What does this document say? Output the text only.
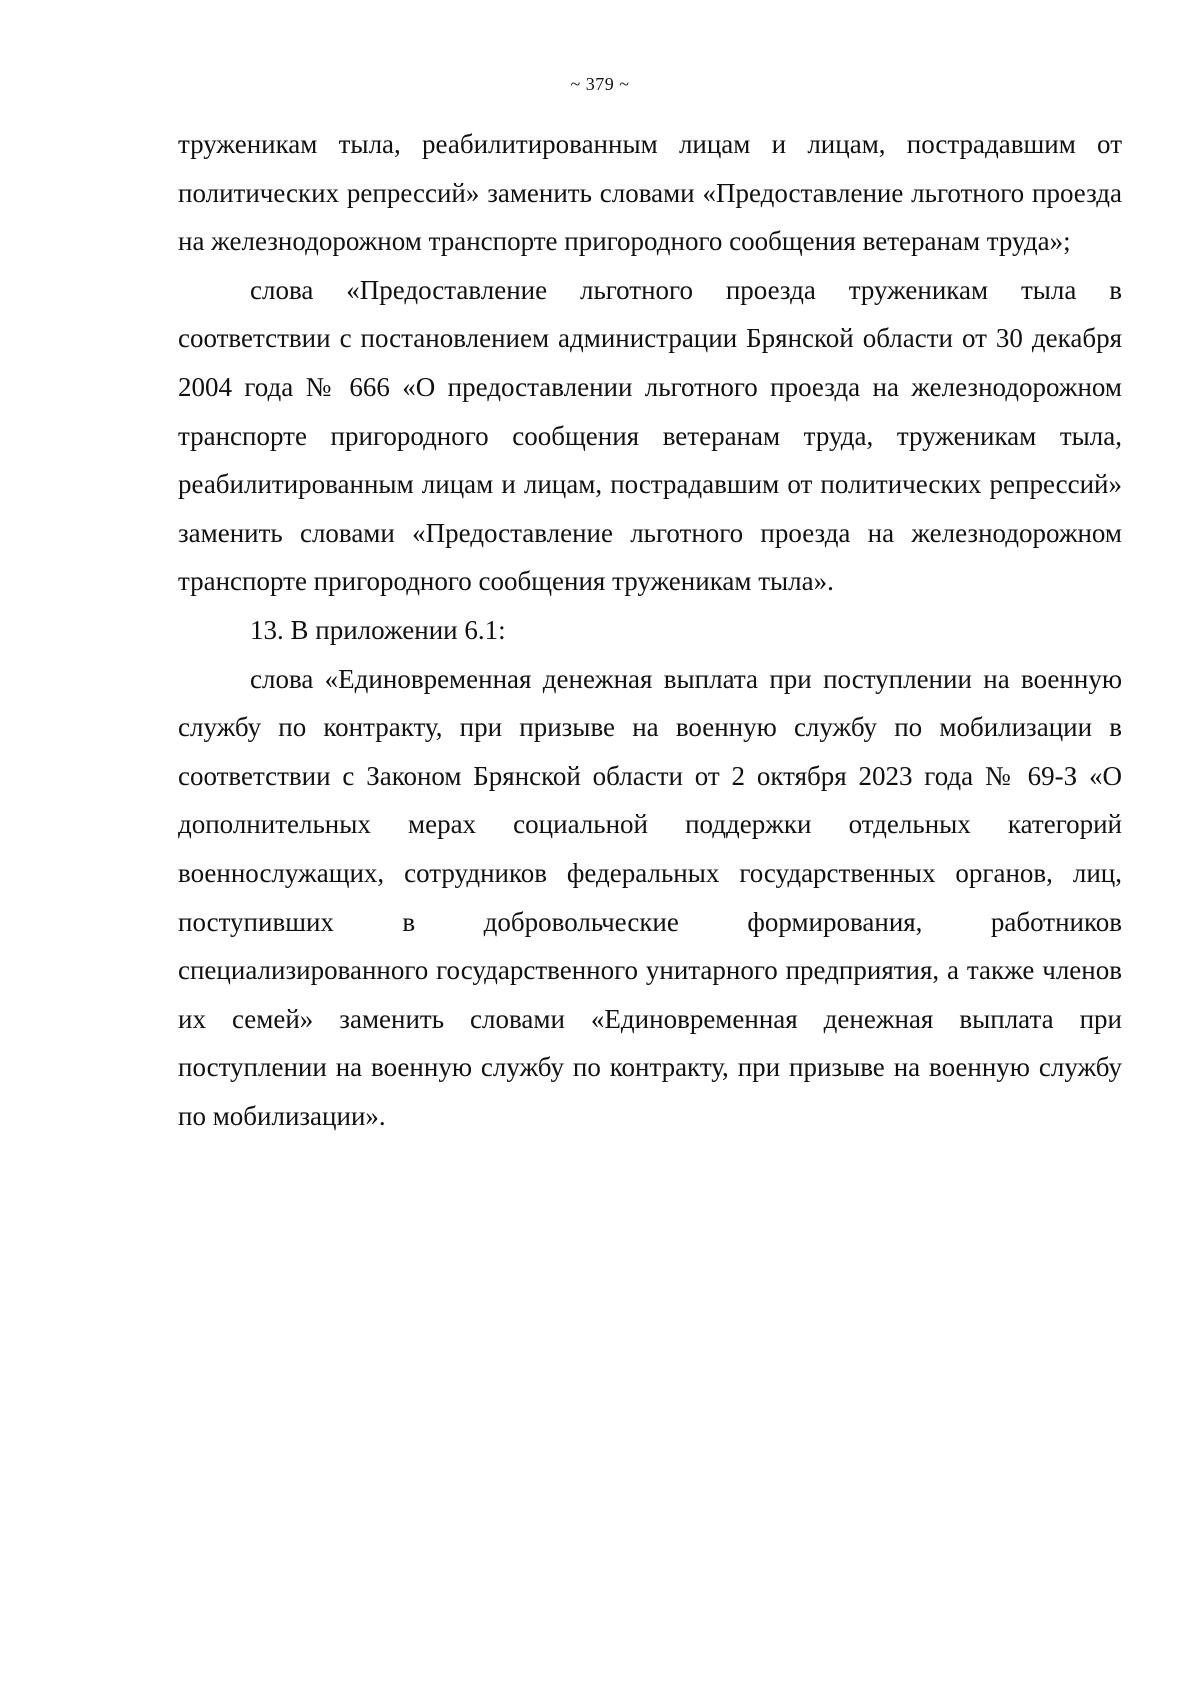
~ 379 ~

труженикам тыла, реабилитированным лицам и лицам, пострадавшим от политических репрессий» заменить словами «Предоставление льготного проезда на железнодорожном транспорте пригородного сообщения ветеранам труда»;

слова «Предоставление льготного проезда труженикам тыла в соответствии с постановлением администрации Брянской области от 30 декабря 2004 года № 666 «О предоставлении льготного проезда на железнодорожном транспорте пригородного сообщения ветеранам труда, труженикам тыла, реабилитированным лицам и лицам, пострадавшим от политических репрессий» заменить словами «Предоставление льготного проезда на железнодорожном транспорте пригородного сообщения труженикам тыла».

13. В приложении 6.1:

слова «Единовременная денежная выплата при поступлении на военную службу по контракту, при призыве на военную службу по мобилизации в соответствии с Законом Брянской области от 2 октября 2023 года № 69-З «О дополнительных мерах социальной поддержки отдельных категорий военнослужащих, сотрудников федеральных государственных органов, лиц, поступивших в добровольческие формирования, работников специализированного государственного унитарного предприятия, а также членов их семей» заменить словами «Единовременная денежная выплата при поступлении на военную службу по контракту, при призыве на военную службу по мобилизации».
